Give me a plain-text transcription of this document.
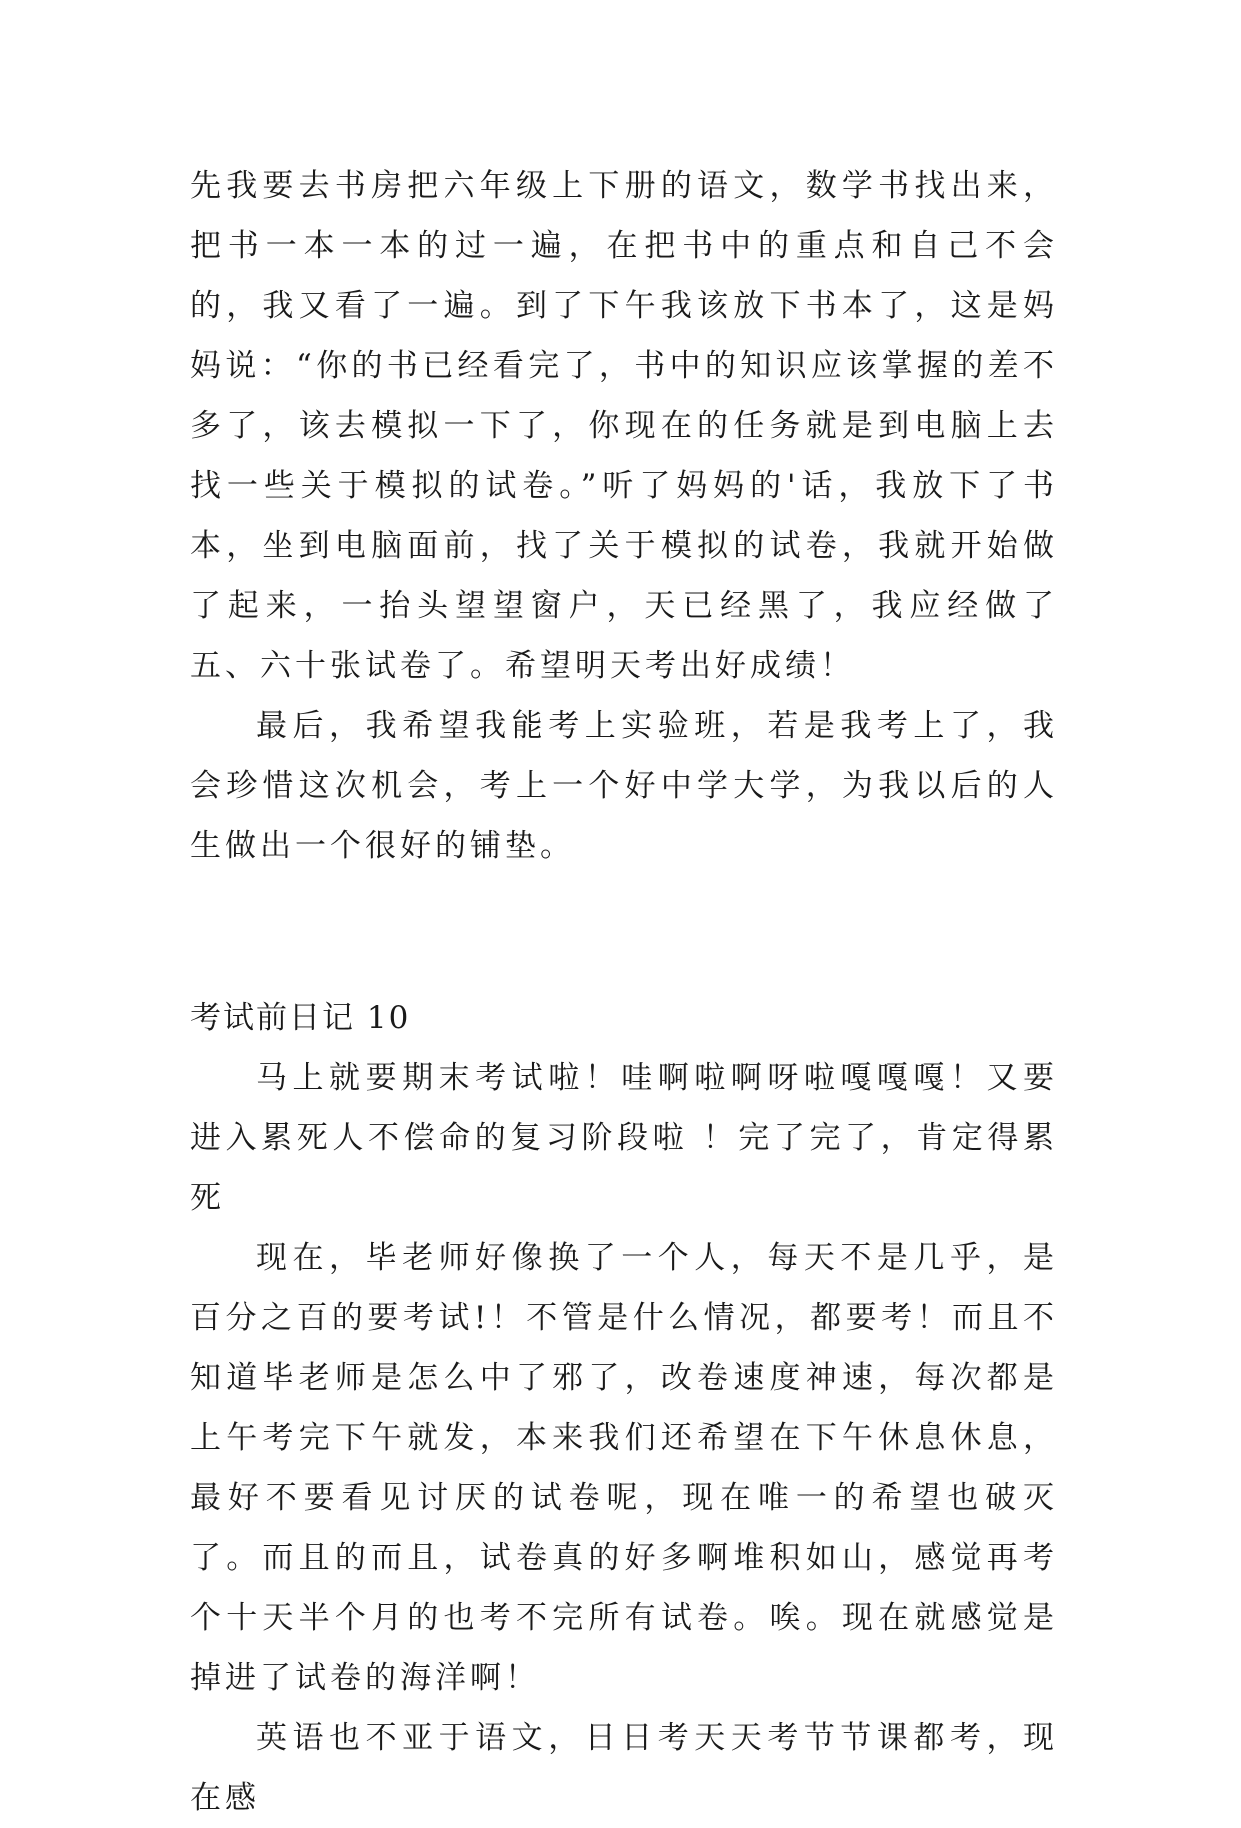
先我要去书房把六年级上下册的语文，数学书找出来，把书一本一本的过一遍，在把书中的重点和自己不会的，我又看了一遍。到了下午我该放下书本了，这是妈妈说：“你的书已经看完了，书中的知识应该掌握的差不多了，该去模拟一下了，你现在的任务就是到电脑上去找一些关于模拟的试卷。”听了妈妈的'话，我放下了书本，坐到电脑面前，找了关于模拟的试卷，我就开始做了起来，一抬头望望窗户，天已经黑了，我应经做了五、六十张试卷了。希望明天考出好成绩！

最后，我希望我能考上实验班，若是我考上了，我会珍惜这次机会，考上一个好中学大学，为我以后的人生做出一个很好的铺垫。

考试前日记 10

马上就要期末考试啦！哇啊啦啊呀啦嘎嘎嘎！又要进入累死人不偿命的复习阶段啦 ！完了完了，肯定得累死

现在，毕老师好像换了一个人，每天不是几乎，是百分之百的要考试!！不管是什么情况，都要考！而且不知道毕老师是怎么中了邪了，改卷速度神速，每次都是上午考完下午就发，本来我们还希望在下午休息休息，最好不要看见讨厌的试卷呢，现在唯一的希望也破灭了。而且的而且，试卷真的好多啊堆积如山，感觉再考个十天半个月的也考不完所有试卷。唉。现在就感觉是掉进了试卷的海洋啊！

英语也不亚于语文，日日考天天考节节课都考，现在感
